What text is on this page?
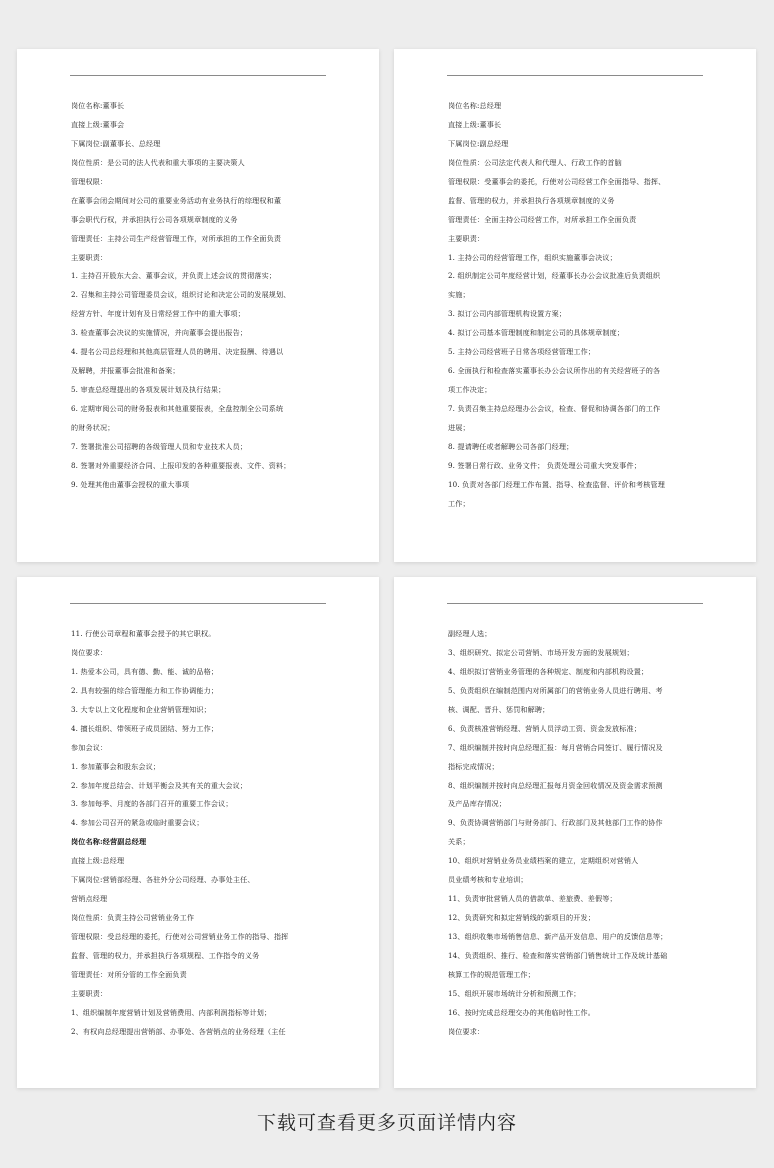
岗位名称:董事长
直接上级:董事会
下属岗位:副董事长、总经理
岗位性质：是公司的法人代表和重大事项的主要决策人
管理权限：
在董事会闭会期间对公司的重要业务活动有业务执行的综理权和董
事会职代行权，并承担执行公司各项规章制度的义务
管理责任：主持公司生产经营管理工作，对所承担的工作全面负责
主要职责：
1. 主持召开股东大会、董事会议，并负责上述会议的贯彻落实；
2. 召集和主持公司管理委员会议，组织讨论和决定公司的发展规划、
经营方针、年度计划有及日常经营工作中的重大事项；
3. 检查董事会决议的实施情况，并向董事会提出报告；
4. 提名公司总经理和其他高层管理人员的聘用、决定报酬、待遇以
及解聘，并报董事会批准和备案；
5. 审查总经理提出的各项发展计划及执行结果；
6. 定期审阅公司的财务报表和其他重要报表，全盘控制全公司系统
的财务状况；
7. 签署批准公司招聘的各级管理人员和专业技术人员；
8. 签署对外重要经济合同、上报印发的各种重要报表、文件、资料；
9. 处理其他由董事会授权的重大事项
岗位名称:总经理
直接上级:董事长
下属岗位:副总经理
岗位性质：公司法定代表人和代理人、行政工作的首脑
管理权限：受董事会的委托，行使对公司经营工作全面指导、指挥、
监督、管理的权力，并承担执行各项规章制度的义务
管理责任：全面主持公司经营工作，对所承担工作全面负责
主要职责：
1. 主持公司的经营管理工作，组织实施董事会决议；
2. 组织制定公司年度经营计划，经董事长办公会议批准后负责组织
实施；
3. 拟订公司内部管理机构设置方案；
4. 拟订公司基本管理制度和制定公司的具体规章制度；
5. 主持公司经营班子日常各项经营管理工作；
6. 全面执行和检查落实董事长办公会议所作出的有关经营班子的各
项工作决定；
7. 负责召集主持总经理办公会议，检查、督促和协调各部门的工作
进展；
8. 提请聘任或者解聘公司各部门经理；
9. 签署日常行政、业务文件； 负责处理公司重大突发事件；
10. 负责对各部门经理工作布置、指导、检查监督、评价和考核管理
工作；
11. 行使公司章程和董事会授予的其它职权。
岗位要求：
1. 热爱本公司，具有德、勤、能、诚的品格；
2. 具有较强的综合管理能力和工作协调能力；
3. 大专以上文化程度和企业营销管理知识；
4. 擅长组织、带领班子成员团结、努力工作；
参加会议：
1. 参加董事会和股东会议；
2. 参加年度总结会、计划平衡会及其有关的重大会议；
3. 参加每季、月度的各部门召开的重要工作会议；
4. 参加公司召开的紧急或临时重要会议；
岗位名称:经营副总经理
直接上级:总经理
下属岗位:营销部经理、各驻外分公司经理、办事处主任、
营销点经理
岗位性质：负责主持公司营销业务工作
管理权限：受总经理的委托，行使对公司营销业务工作的指导、指挥
监督、管理的权力，并承担执行各项规程、工作指令的义务
管理责任：对所分管的工作全面负责
主要职责：
1、组织编制年度营销计划及营销费用、内部利润指标等计划；
2、有权向总经理提出营销部、办事处、各营销点的业务经理（主任
副经理人选；
3、组织研究、拟定公司营销、市场开发方面的发展规划；
4、组织拟订营销业务管理的各种规定、制度和内部机构设置；
5、负责组织在编制范围内对所属部门的营销业务人员进行聘用、考
核、调配、晋升、惩罚和解聘；
6、负责核准营销经理、营销人员浮动工资、资金发放标准；
7、组织编制并按时向总经理汇报：每月营销合同签订、履行情况及
指标完成情况；
8、组织编制并按时向总经理汇报每月资金回收情况及资金需求预测
及产品库存情况；
9、负责协调营销部门与财务部门、行政部门及其他部门工作的协作
关系；
10、组织对营销业务员业绩档案的建立，定期组织对营销人
员业绩考核和专业培训；
11、负责审批营销人员的借款单、差旅费、差假等；
12、负责研究和拟定营销线的新项目的开发；
13、组织收集市场销售信息、新产品开发信息、用户的反馈信息等；
14、负责组织、推行、检查和落实营销部门销售统计工作及统计基础
核算工作的规范管理工作；
15、组织开展市场统计分析和预测工作；
16、按时完成总经理交办的其他临时性工作。
岗位要求：
下载可查看更多页面详情内容
